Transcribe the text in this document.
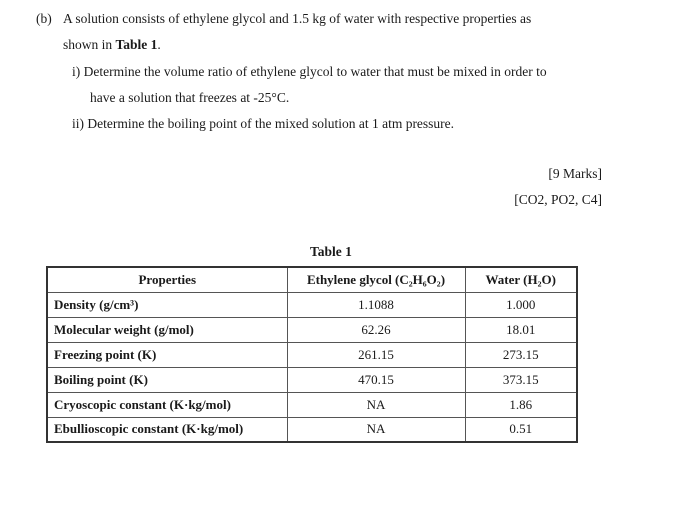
(b) A solution consists of ethylene glycol and 1.5 kg of water with respective properties as
shown in Table 1.
i) Determine the volume ratio of ethylene glycol to water that must be mixed in order to
have a solution that freezes at -25°C.
ii) Determine the boiling point of the mixed solution at 1 atm pressure.
[9 Marks]
[CO2, PO2, C4]
Table 1
Properties	Ethylene glycol (C₂H₆O₂)	Water (H₂O)
Density (g/cm³)	1.1088	1.000
Molecular weight (g/mol)	62.26	18.01
Freezing point (K)	261.15	273.15
Boiling point (K)	470.15	373.15
Cryoscopic constant (K·kg/mol)	NA	1.86
Ebullioscopic constant (K·kg/mol)	NA	0.51
